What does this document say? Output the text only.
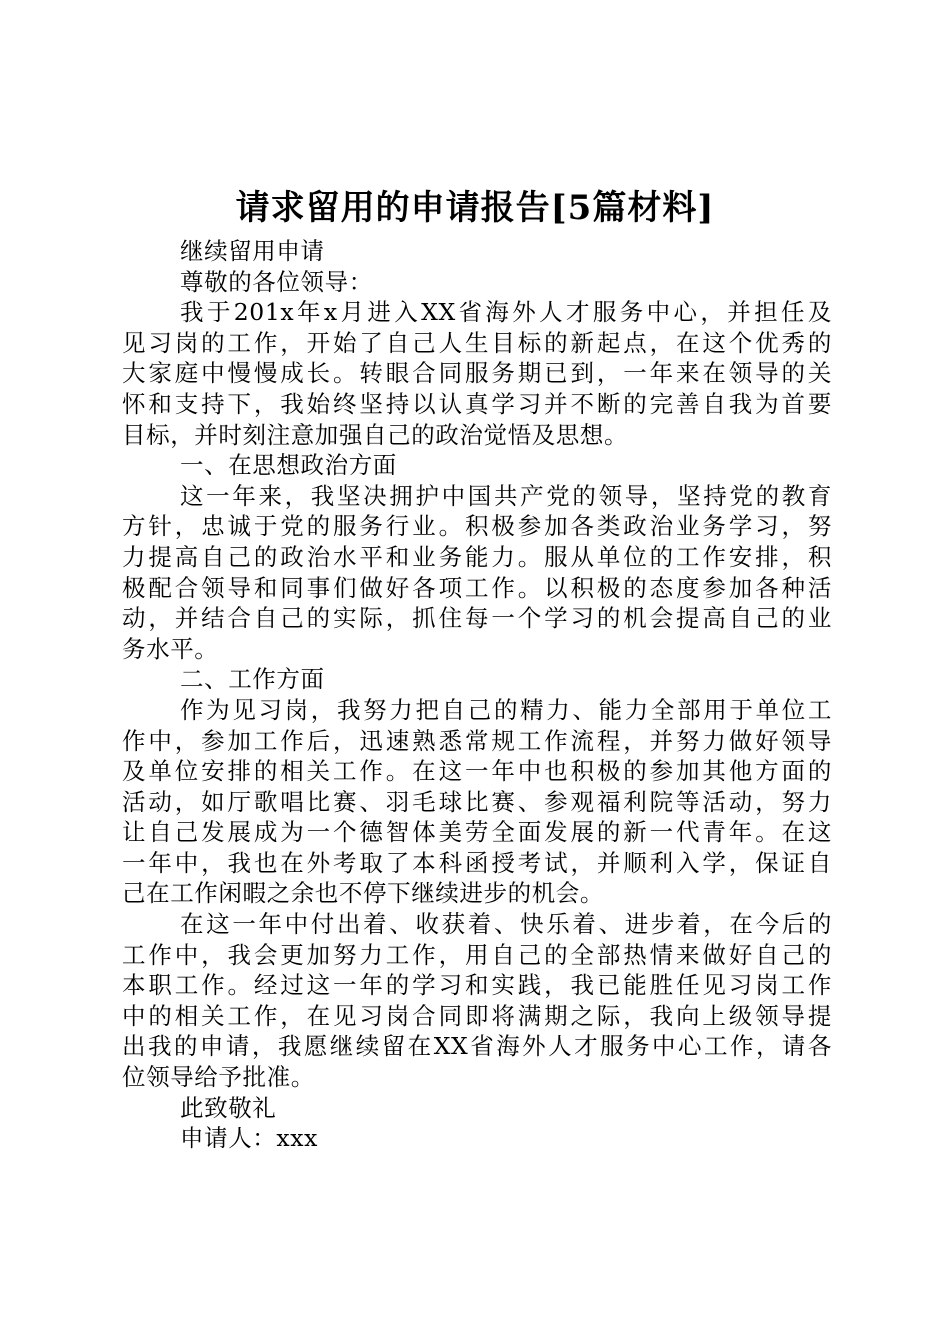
请求留用的申请报告[5篇材料]
继续留用申请
尊敬的各位领导：
我于201x年x月进入XX省海外人才服务中心，并担任及
见习岗的工作，开始了自己人生目标的新起点，在这个优秀的
大家庭中慢慢成长。转眼合同服务期已到，一年来在领导的关
怀和支持下，我始终坚持以认真学习并不断的完善自我为首要
目标，并时刻注意加强自己的政治觉悟及思想。
一、在思想政治方面
这一年来，我坚决拥护中国共产党的领导，坚持党的教育
方针，忠诚于党的服务行业。积极参加各类政治业务学习，努
力提高自己的政治水平和业务能力。服从单位的工作安排，积
极配合领导和同事们做好各项工作。以积极的态度参加各种活
动，并结合自己的实际，抓住每一个学习的机会提高自己的业
务水平。
二、工作方面
作为见习岗，我努力把自己的精力、能力全部用于单位工
作中，参加工作后，迅速熟悉常规工作流程，并努力做好领导
及单位安排的相关工作。在这一年中也积极的参加其他方面的
活动，如厅歌唱比赛、羽毛球比赛、参观福利院等活动，努力
让自己发展成为一个德智体美劳全面发展的新一代青年。在这
一年中，我也在外考取了本科函授考试，并顺利入学，保证自
己在工作闲暇之余也不停下继续进步的机会。
在这一年中付出着、收获着、快乐着、进步着，在今后的
工作中，我会更加努力工作，用自己的全部热情来做好自己的
本职工作。经过这一年的学习和实践，我已能胜任见习岗工作
中的相关工作，在见习岗合同即将满期之际，我向上级领导提
出我的申请，我愿继续留在XX省海外人才服务中心工作，请各
位领导给予批准。
此致敬礼
申请人：xxx
